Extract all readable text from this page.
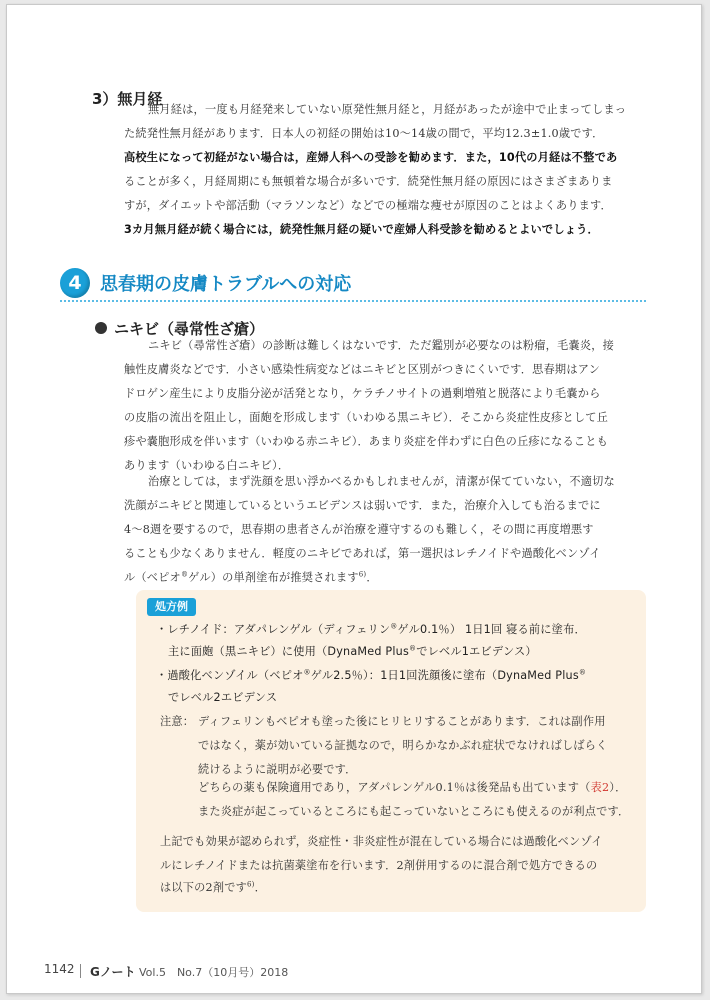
3）無月経
無月経は，一度も月経発来していない原発性無月経と，月経があったが途中で止まってしまっ
た続発性無月経があります．日本人の初経の開始は10～14歳の間で，平均12.3±1.0歳です．
高校生になって初経がない場合は，産婦人科への受診を勧めます．また，10代の月経は不整であ
ることが多く，月経周期にも無頓着な場合が多いです．続発性無月経の原因にはさまざまありま
すが，ダイエットや部活動（マラソンなど）などでの極端な痩せが原因のことはよくあります．
3カ月無月経が続く場合には，続発性無月経の疑いで産婦人科受診を勧めるとよいでしょう．
4	思春期の皮膚トラブルへの対応
ニキビ（尋常性ざ瘡）
ニキビ（尋常性ざ瘡）の診断は難しくはないです．ただ鑑別が必要なのは粉瘤，毛嚢炎，接
触性皮膚炎などです．小さい感染性病変などはニキビと区別がつきにくいです．思春期はアン
ドロゲン産生により皮脂分泌が活発となり，ケラチノサイトの過剰増殖と脱落により毛嚢から
の皮脂の流出を阻止し，面皰を形成します（いわゆる黒ニキビ）．そこから炎症性皮疹として丘
疹や嚢胞形成を伴います（いわゆる赤ニキビ）．あまり炎症を伴わずに白色の丘疹になることも
あります（いわゆる白ニキビ）．
治療としては，まず洗顔を思い浮かべるかもしれませんが，清潔が保てていない，不適切な
洗顔がニキビと関連しているというエビデンスは弱いです．また，治療介入しても治るまでに
4～8週を要するので，思春期の患者さんが治療を遵守するのも難しく，その間に再度増悪す
ることも少なくありません．軽度のニキビであれば，第一選択はレチノイドや過酸化ベンゾイ
ル（ベピオ®ゲル）の単剤塗布が推奨されます$^{6)}$．
処方例
・レチノイド：アダパレンゲル（ディフェリン®ゲル0.1％） 1日1回 寝る前に塗布．
主に面皰（黒ニキビ）に使用（DynaMed Plus®でレベル1エビデンス）
・過酸化ベンゾイル（ベピオ®ゲル2.5％）：1日1回洗顔後に塗布（DynaMed Plus®
でレベル2エビデンス
注意： ディフェリンもベピオも塗った後にヒリヒリすることがあります．これは副作用
ではなく，薬が効いている証拠なので，明らかなかぶれ症状でなければしばらく
続けるように説明が必要です．
どちらの薬も保険適用であり，アダパレンゲル0.1％は後発品も出ています（表2）．
また炎症が起こっているところにも起こっていないところにも使えるのが利点です．
上記でも効果が認められず，炎症性・非炎症性が混在している場合には過酸化ベンゾイ
ルにレチノイドまたは抗菌薬塗布を行います．2剤併用するのに混合剤で処方できるの
は以下の2剤です$^{6)}$．
1142 Gノート Vol.5　No.7（10月号）2018
